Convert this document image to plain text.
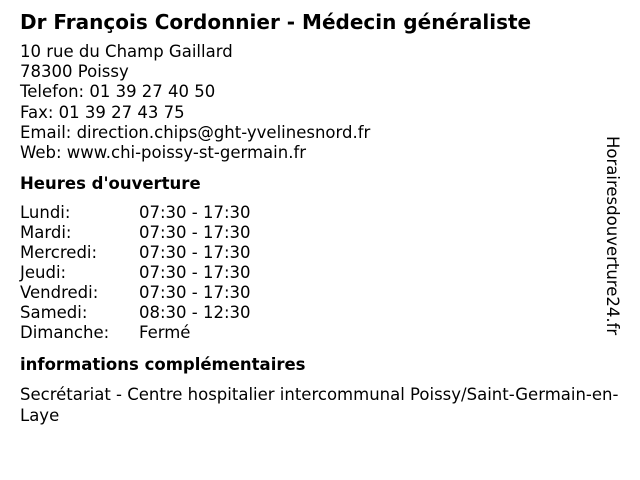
Dr François Cordonnier - Médecin généraliste
10 rue du Champ Gaillard
78300 Poissy
Telefon: 01 39 27 40 50
Fax: 01 39 27 43 75
Email: direction.chips@ght-yvelinesnord.fr
Web: www.chi-poissy-st-germain.fr
Heures d'ouverture
Lundi:	07:30 - 17:30
Mardi:	07:30 - 17:30
Mercredi:	07:30 - 17:30
Jeudi:	07:30 - 17:30
Vendredi:	07:30 - 17:30
Samedi:	08:30 - 12:30
Dimanche:	Fermé
informations complémentaires
Secrétariat - Centre hospitalier intercommunal Poissy/Saint-Germain-en-Laye
Horairesdouverture24.fr
